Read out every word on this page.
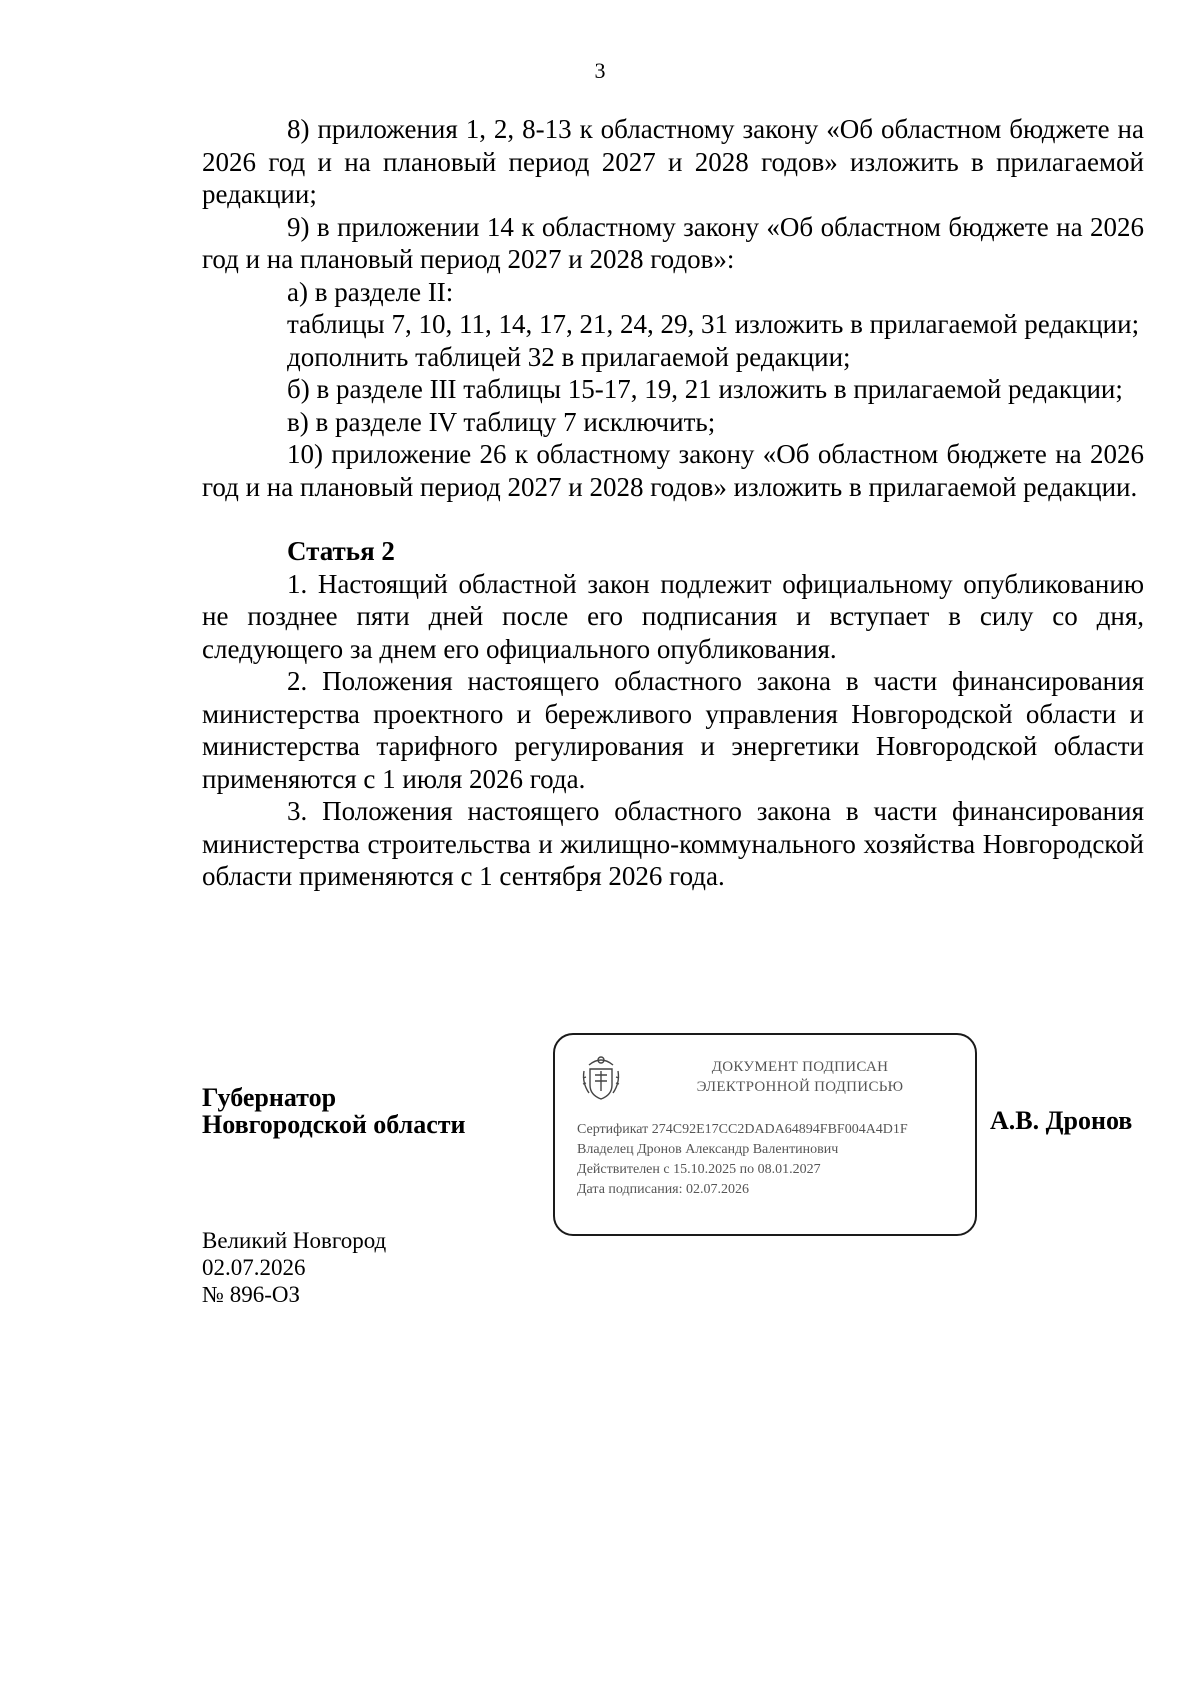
3

8) приложения 1, 2, 8-13 к областному закону «Об областном бюджете на 2026 год и на плановый период 2027 и 2028 годов» изложить в прилагаемой редакции;

9) в приложении 14 к областному закону «Об областном бюджете на 2026 год и на плановый период 2027 и 2028 годов»:

а) в разделе II:

таблицы 7, 10, 11, 14, 17, 21, 24, 29, 31 изложить в прилагаемой редакции;

дополнить таблицей 32 в прилагаемой редакции;

б) в разделе III таблицы 15-17, 19, 21 изложить в прилагаемой редакции;

в) в разделе IV таблицу 7 исключить;

10) приложение 26 к областному закону «Об областном бюджете на 2026 год и на плановый период 2027 и 2028 годов» изложить в прилагаемой редакции.

Статья 2

1. Настоящий областной закон подлежит официальному опубликованию не позднее пяти дней после его подписания и вступает в силу со дня, следующего за днем его официального опубликования.

2. Положения настоящего областного закона в части финансирования министерства проектного и бережливого управления Новгородской области и министерства тарифного регулирования и энергетики Новгородской области применяются с 1 июля 2026 года.

3. Положения настоящего областного закона в части финансирования министерства строительства и жилищно-коммунального хозяйства Новгородской области применяются с 1 сентября 2026 года.

Губернатор
Новгородской области
ДОКУМЕНТ ПОДПИСАН
ЭЛЕКТРОННОЙ ПОДПИСЬЮ
Сертификат 274C92E17CC2DADA64894FBF004A4D1F
Владелец Дронов Александр Валентинович
Действителен с 15.10.2025 по 08.01.2027
Дата подписания: 02.07.2026
А.В. Дронов
Великий Новгород
02.07.2026
№ 896-ОЗ
